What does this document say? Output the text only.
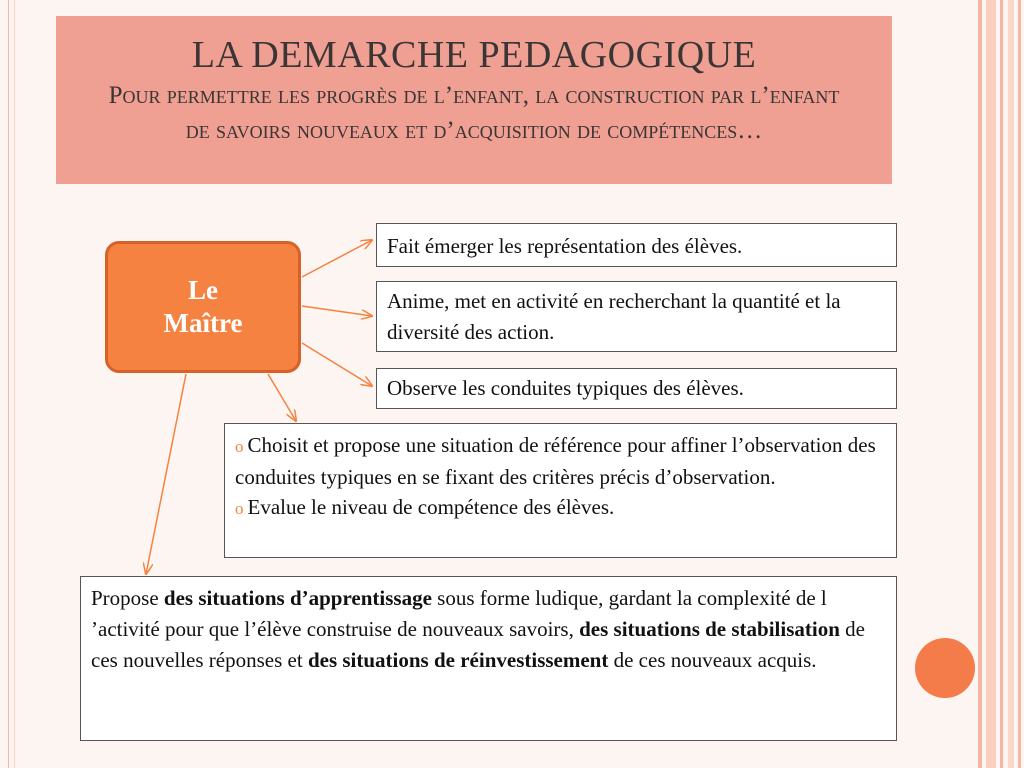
LA DEMARCHE PEDAGOGIQUE
Pour permettre les progrès de l’enfant, la construction par l’enfant de savoirs nouveaux et d’acquisition de compétences…
Le
Maître
Fait émerger les représentation des élèves.
Anime, met en activité en recherchant la quantité et la diversité des action.
Observe les conduites typiques des élèves.
o Choisit et propose une situation de référence pour affiner l’observation des conduites typiques en se fixant des critères précis d’observation.
o Evalue le niveau de compétence des élèves.
Propose des situations d’apprentissage sous forme ludique, gardant la complexité de l ’activité pour que l’élève construise de nouveaux savoirs, des situations de stabilisation de ces nouvelles réponses et des situations de réinvestissement de ces nouveaux acquis.
